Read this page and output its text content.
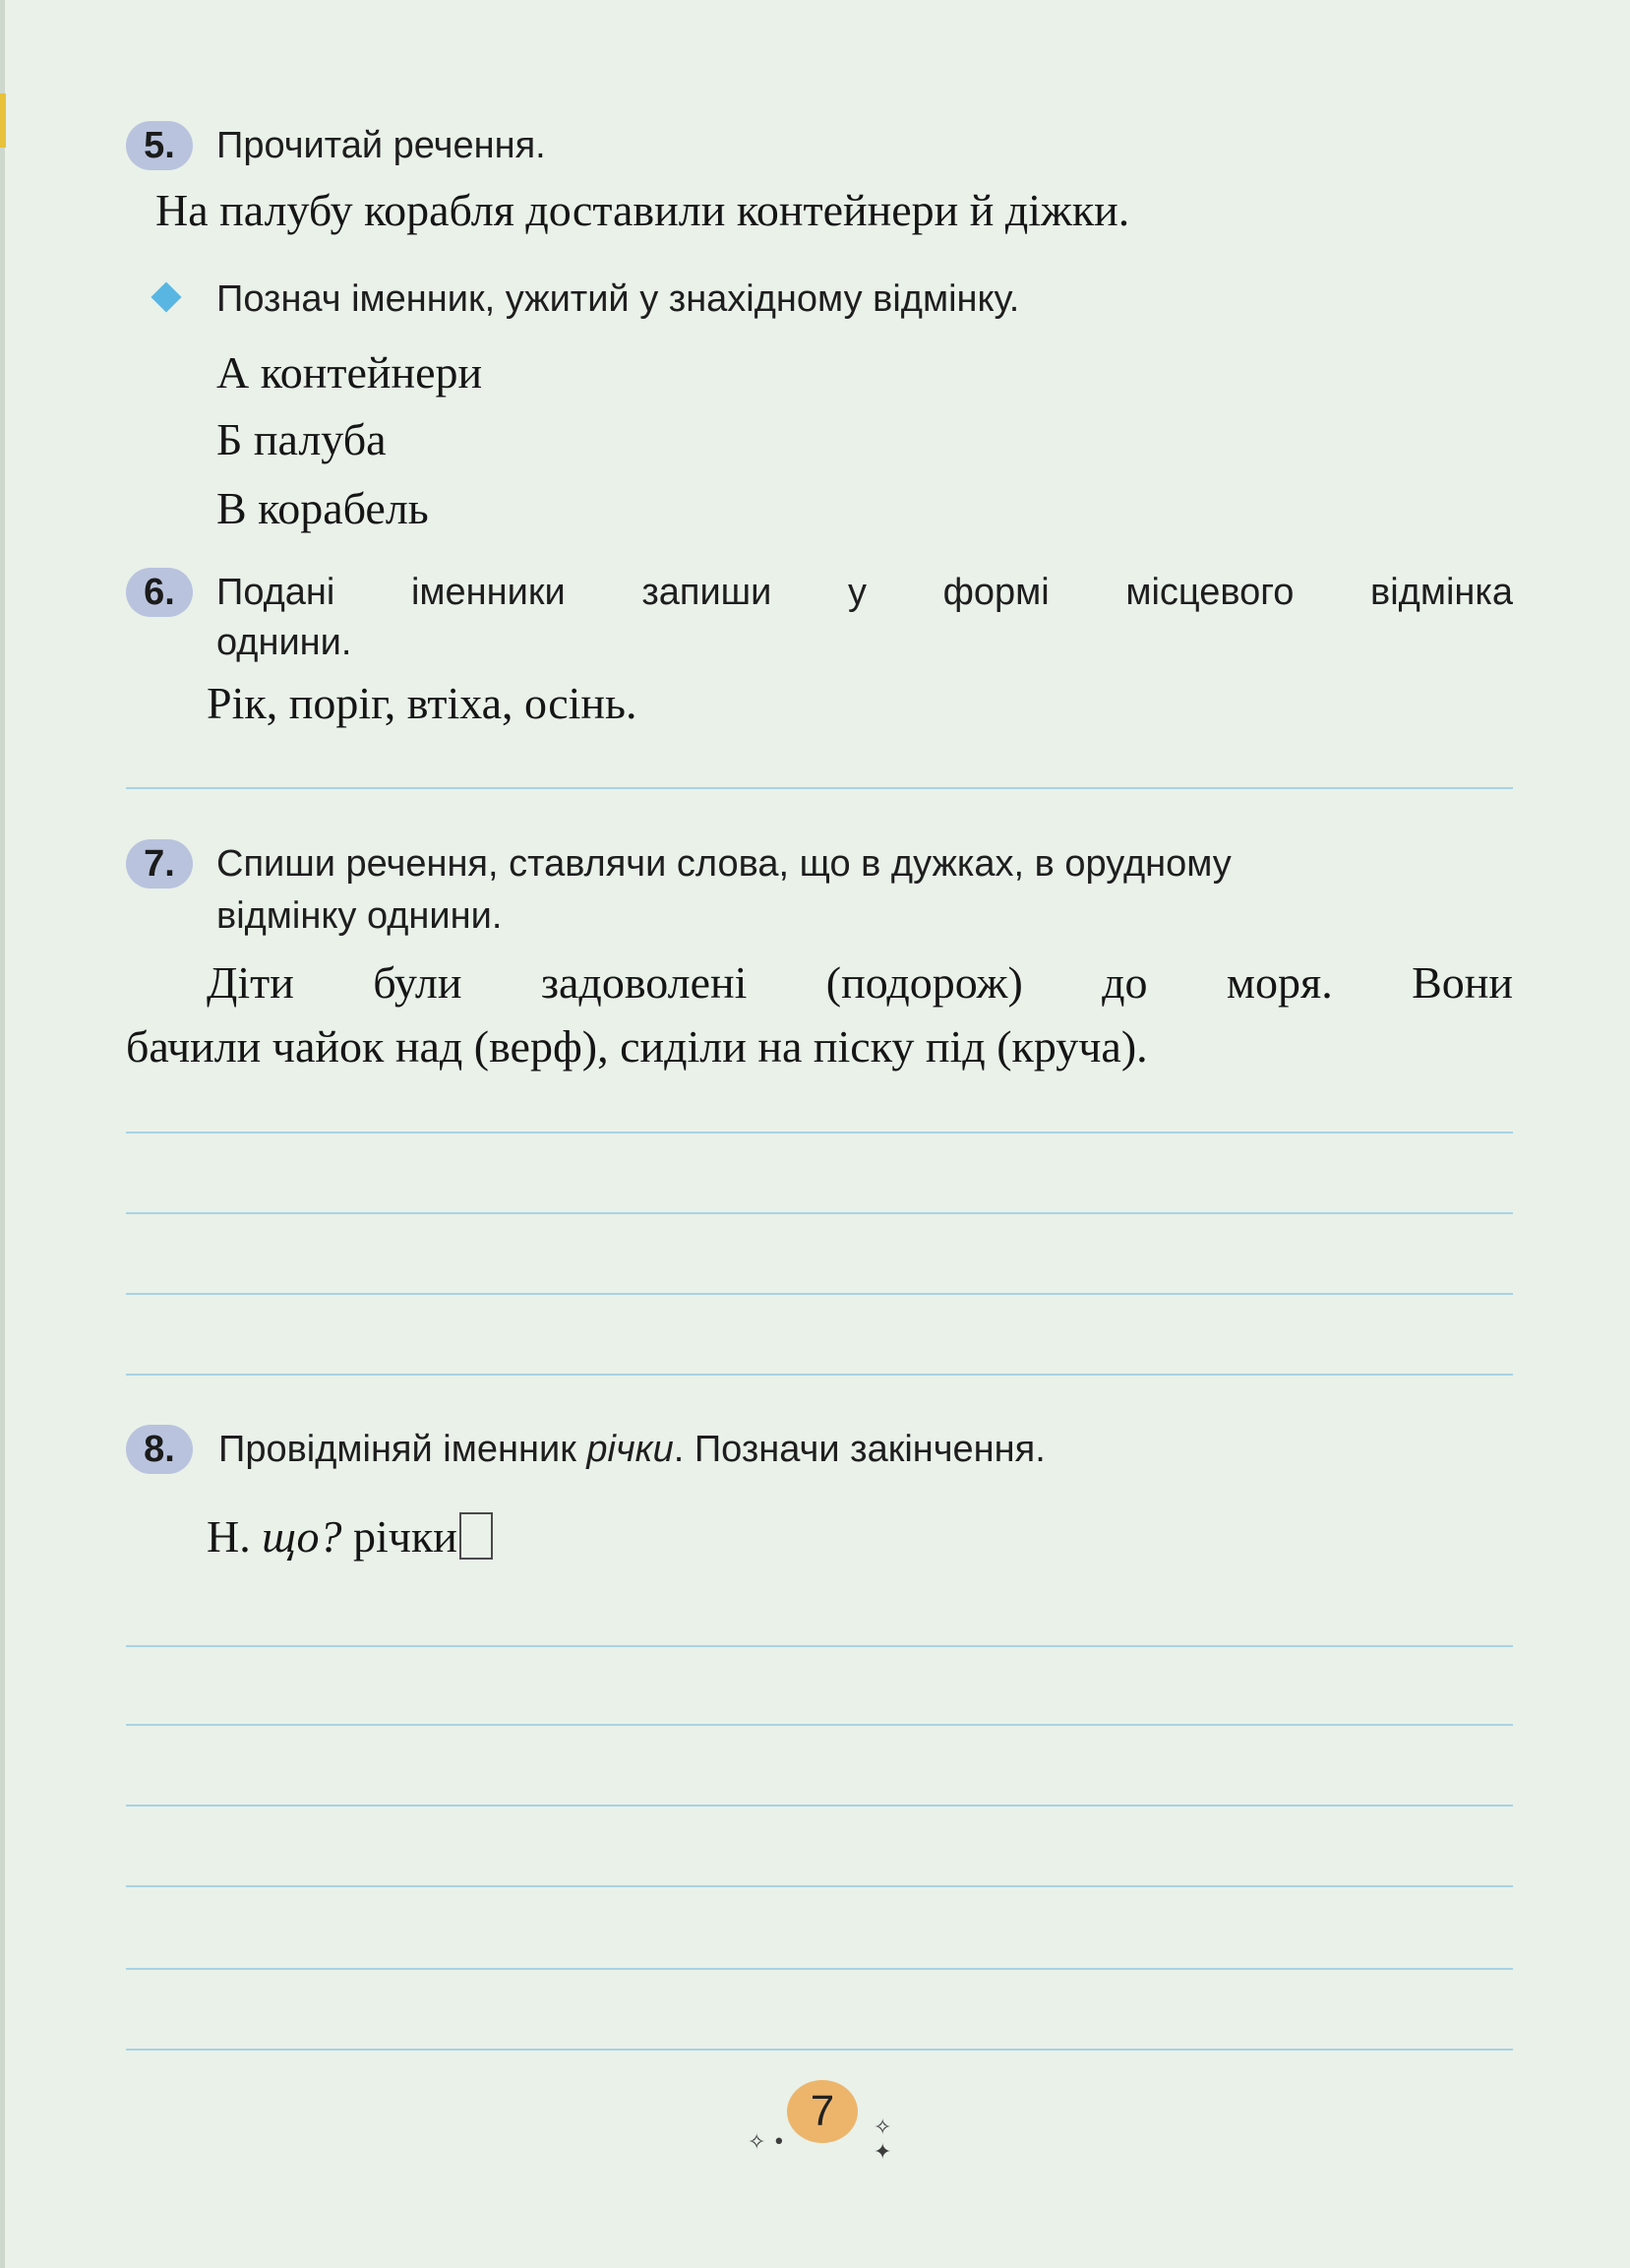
5.	Прочитай речення.
На палубу корабля доставили контейнери й діжки.
Познач іменник, ужитий у знахідному відмінку.
А контейнери
Б палуба
В корабель
6.	Подані іменники запиши у формі місцевого відмінка
однини.
Рік, поріг, втіха, осінь.
7.	Спиши речення, ставлячи слова, що в дужках, в орудному
відмінку однини.
Діти були задоволені (подорож) до моря. Вони
бачили чайок над (верф), сиділи на піску під (круча).
8.	Провідміняй іменник річки. Позначи закінчення.
Н. що? річки
✧ •
7	✧
✦
